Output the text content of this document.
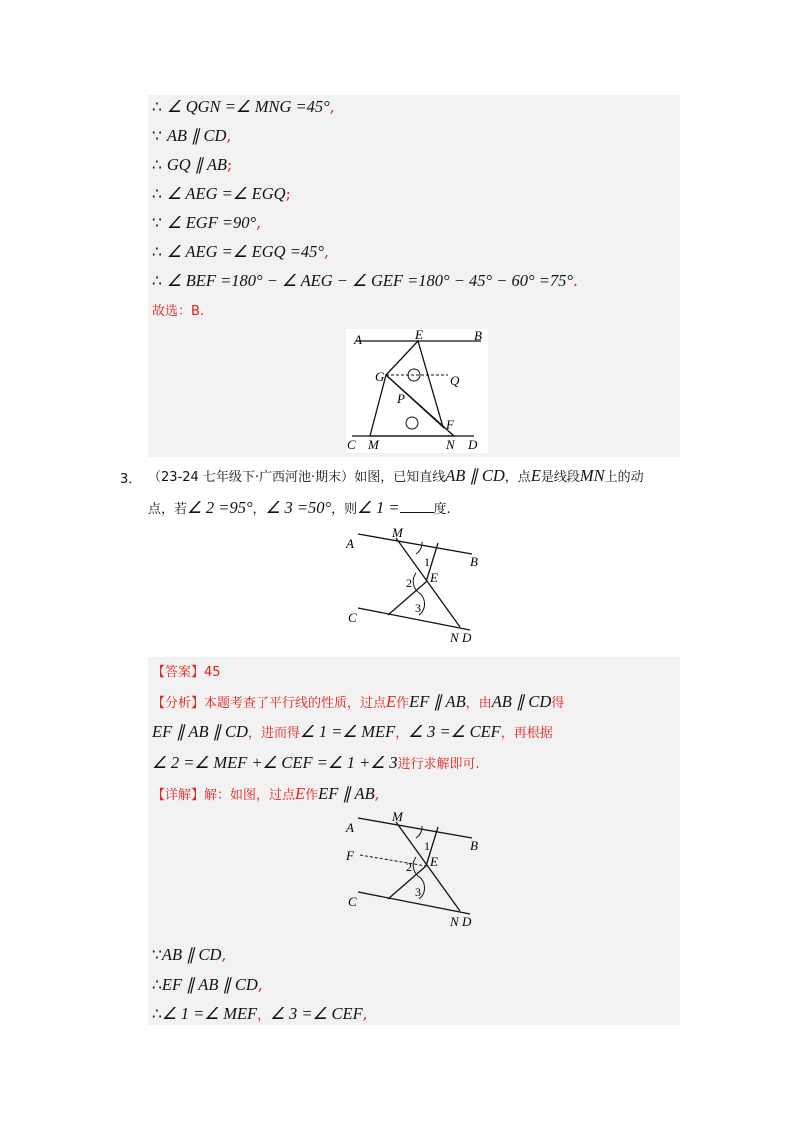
∴ ∠ QGN =∠ MNG =45°,
∵ AB ∥ CD,
∴ GQ ∥ AB;
∴ ∠ AEG =∠ EGQ;
∵ ∠ EGF =90°,
∴ ∠ AEG =∠ EGQ =45°,
∴ ∠ BEF =180° − ∠ AEG − ∠ GEF =180° − 45° − 60° =75°.
故选：B.
A	E	B
G	Q
P
F
C M	N D
3． （23-24 七年级下·广西河池·期末）如图，已知直线AB ∥ CD，点E是线段MN上的动
点，若∠ 2 =95°，∠ 3 =50°，则∠ 1 =	度.
A
M
1	B
2 E
3
C
N D
【答案】45
【分析】本题考查了平行线的性质，过点E作EF ∥ AB，由AB ∥ CD得
EF ∥ AB ∥ CD，进而得∠ 1 =∠ MEF，∠ 3 =∠ CEF，再根据
∠ 2 =∠ MEF +∠ CEF =∠ 1 +∠ 3进行求解即可.
【详解】解：如图，过点E作EF ∥ AB,
A
M
1	B
F
2 E
3
C
N D
∵AB ∥ CD,
∴EF ∥ AB ∥ CD,
∴∠ 1 =∠ MEF，∠ 3 =∠ CEF,
